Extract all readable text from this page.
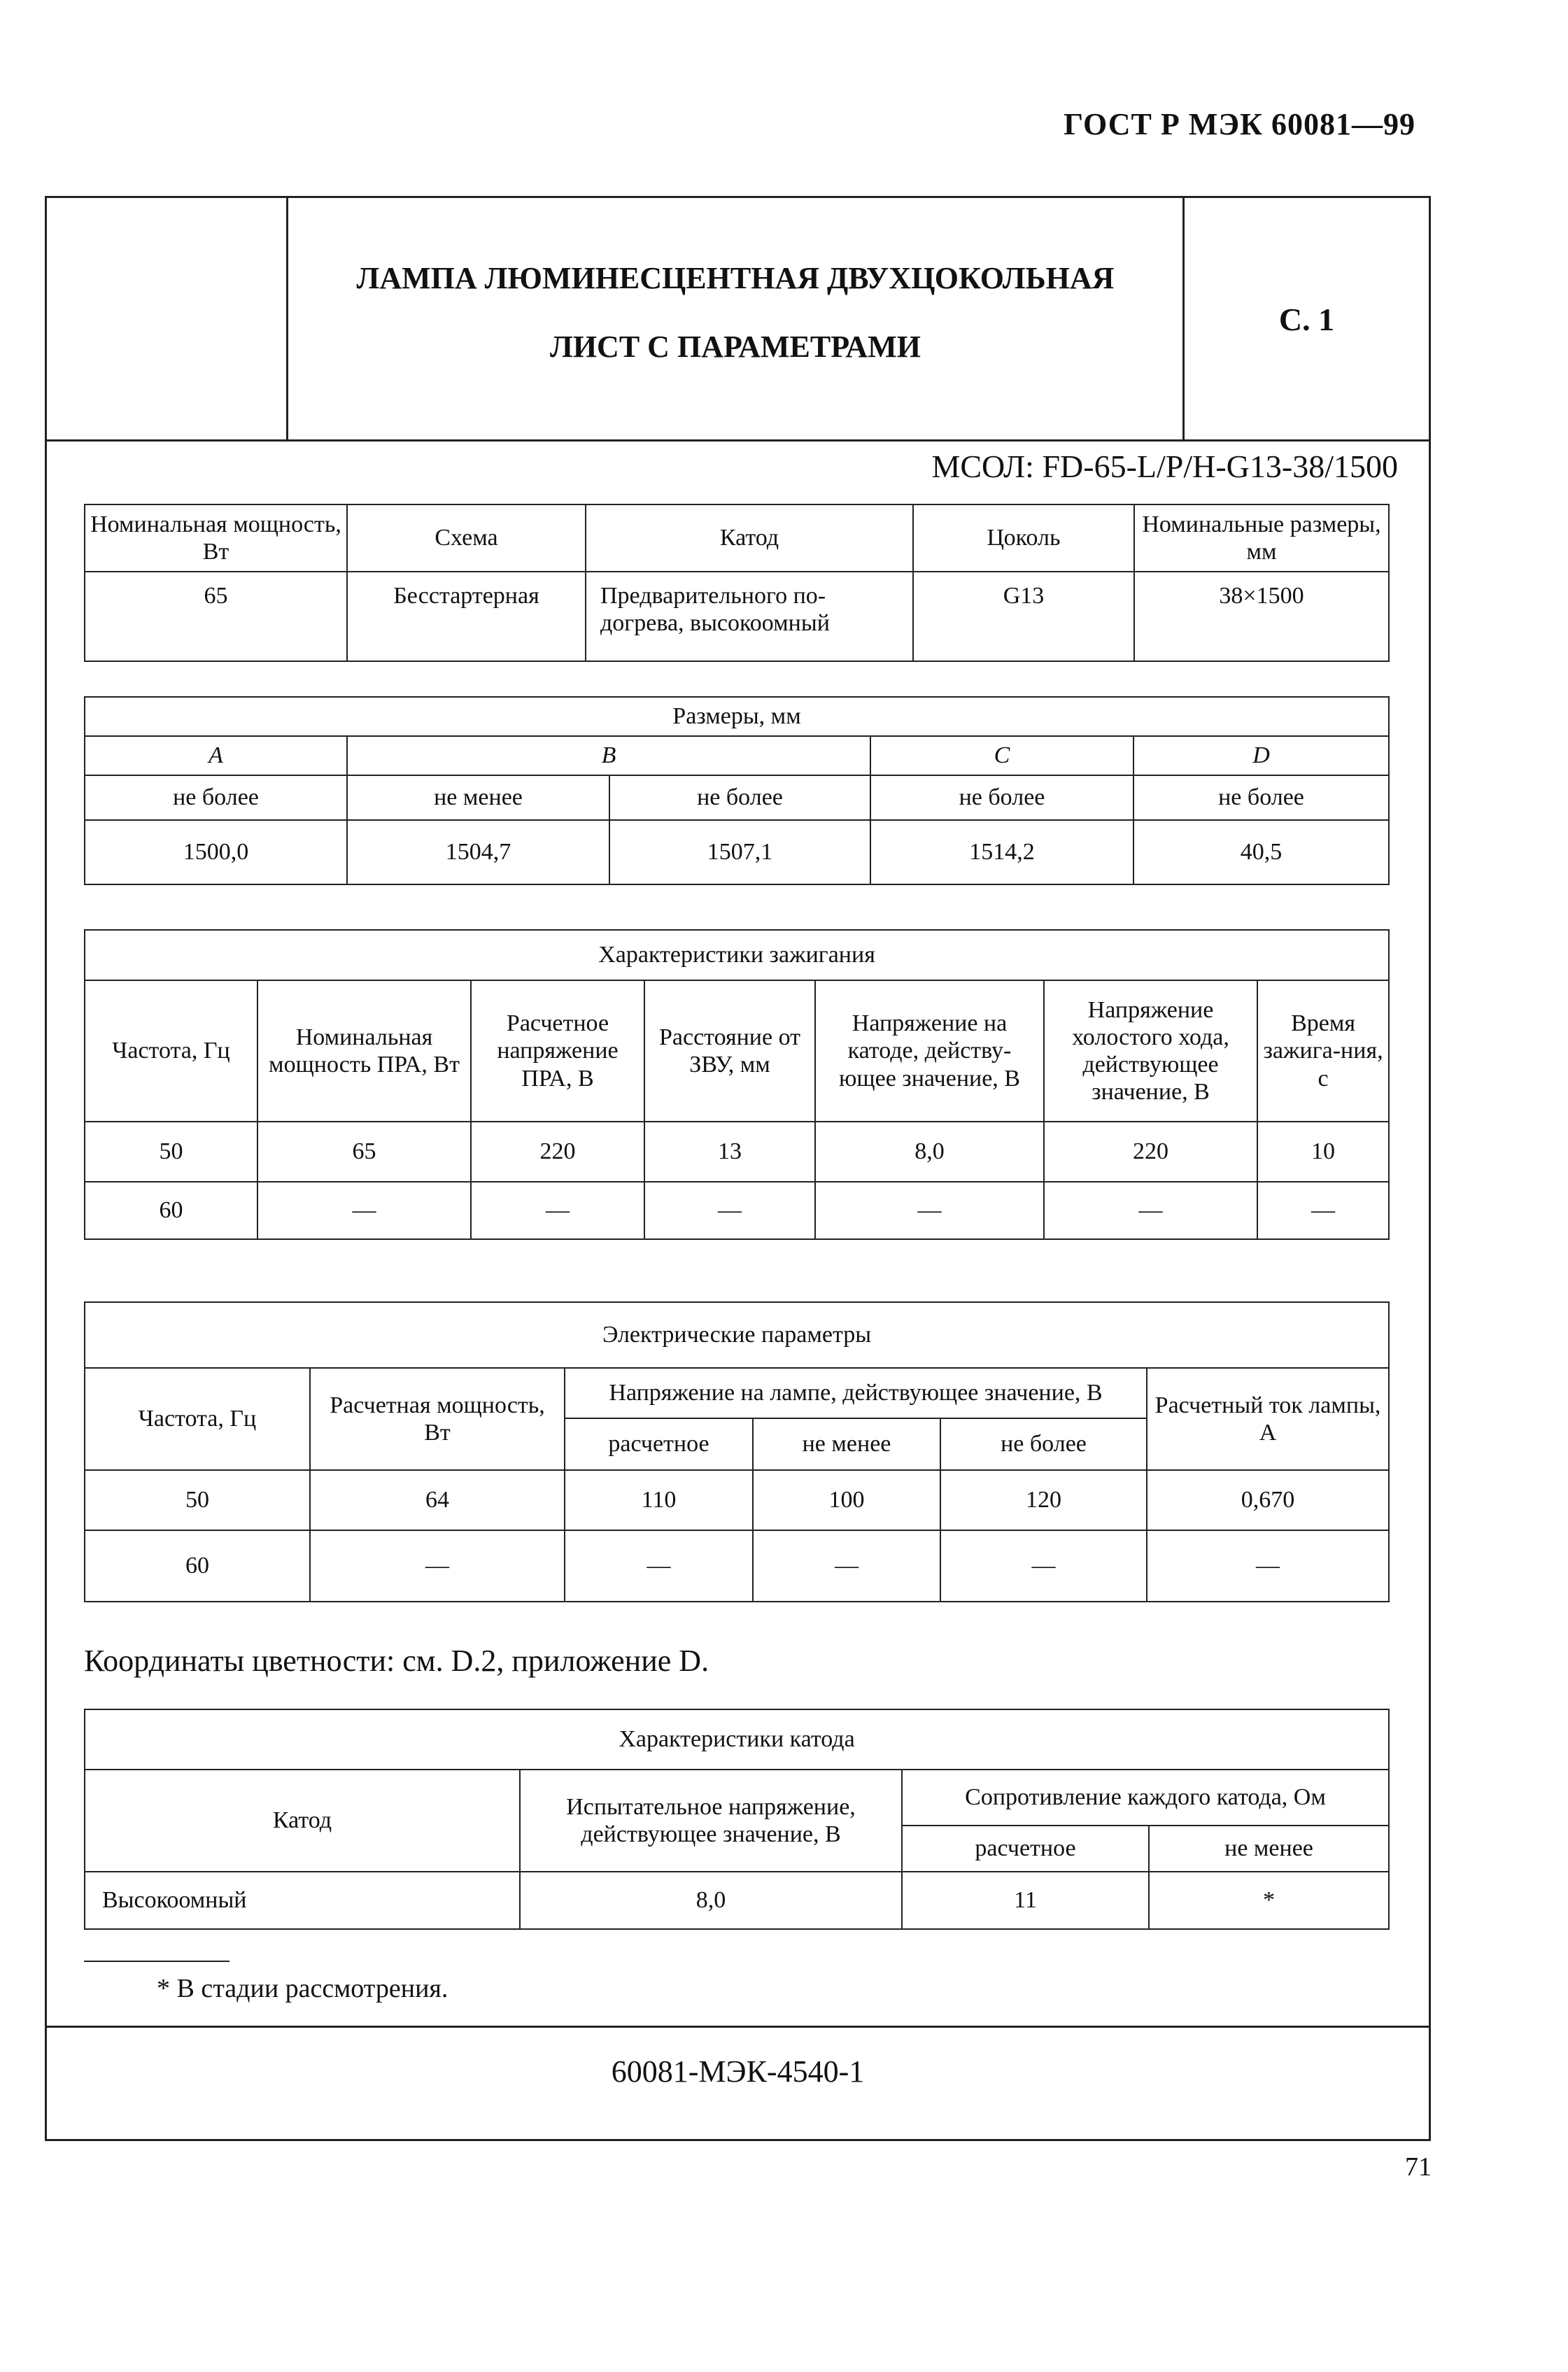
ГОСТ Р МЭК 60081—99
ЛАМПА ЛЮМИНЕСЦЕНТНАЯ ДВУХЦОКОЛЬНАЯ
ЛИСТ С ПАРАМЕТРАМИ
С. 1
МСОЛ: FD-65-L/P/H-G13-38/1500
Номинальная мощность, Вт	Схема	Катод	Цоколь	Номинальные размеры, мм
65	Бесстартерная	Предварительного по-догрева, высокоомный	G13	38×1500
Размеры, мм				
A	B		C	D
не более	не менее	не более	не более	не более
1500,0	1504,7	1507,1	1514,2	40,5
Характеристики зажигания						
Частота, Гц	Номинальная мощность ПРА, Вт	Расчетное напряжение ПРА, В	Расстояние от ЗВУ, мм	Напряжение на катоде, действу-ющее значение, В	Напряжение холостого хода, действующее значение, В	Время зажига-ния, с
50	65	220	13	8,0	220	10
60	—	—	—	—	—	—
Электрические параметры					
Частота, Гц	Расчетная мощность, Вт	Напряжение на лампе, действующее значение, В			Расчетный ток лампы, А
		расчетное	не менее	не более	
50	64	110	100	120	0,670
60	—	—	—	—	—
Координаты цветности: см. D.2, приложение D.
Характеристики катода			
Катод	Испытательное напряжение, действующее значение, В	Сопротивление каждого катода, Ом	
		расчетное	не менее
Высокоомный	8,0	11	*
* В стадии рассмотрения.
60081-МЭК-4540-1
71
